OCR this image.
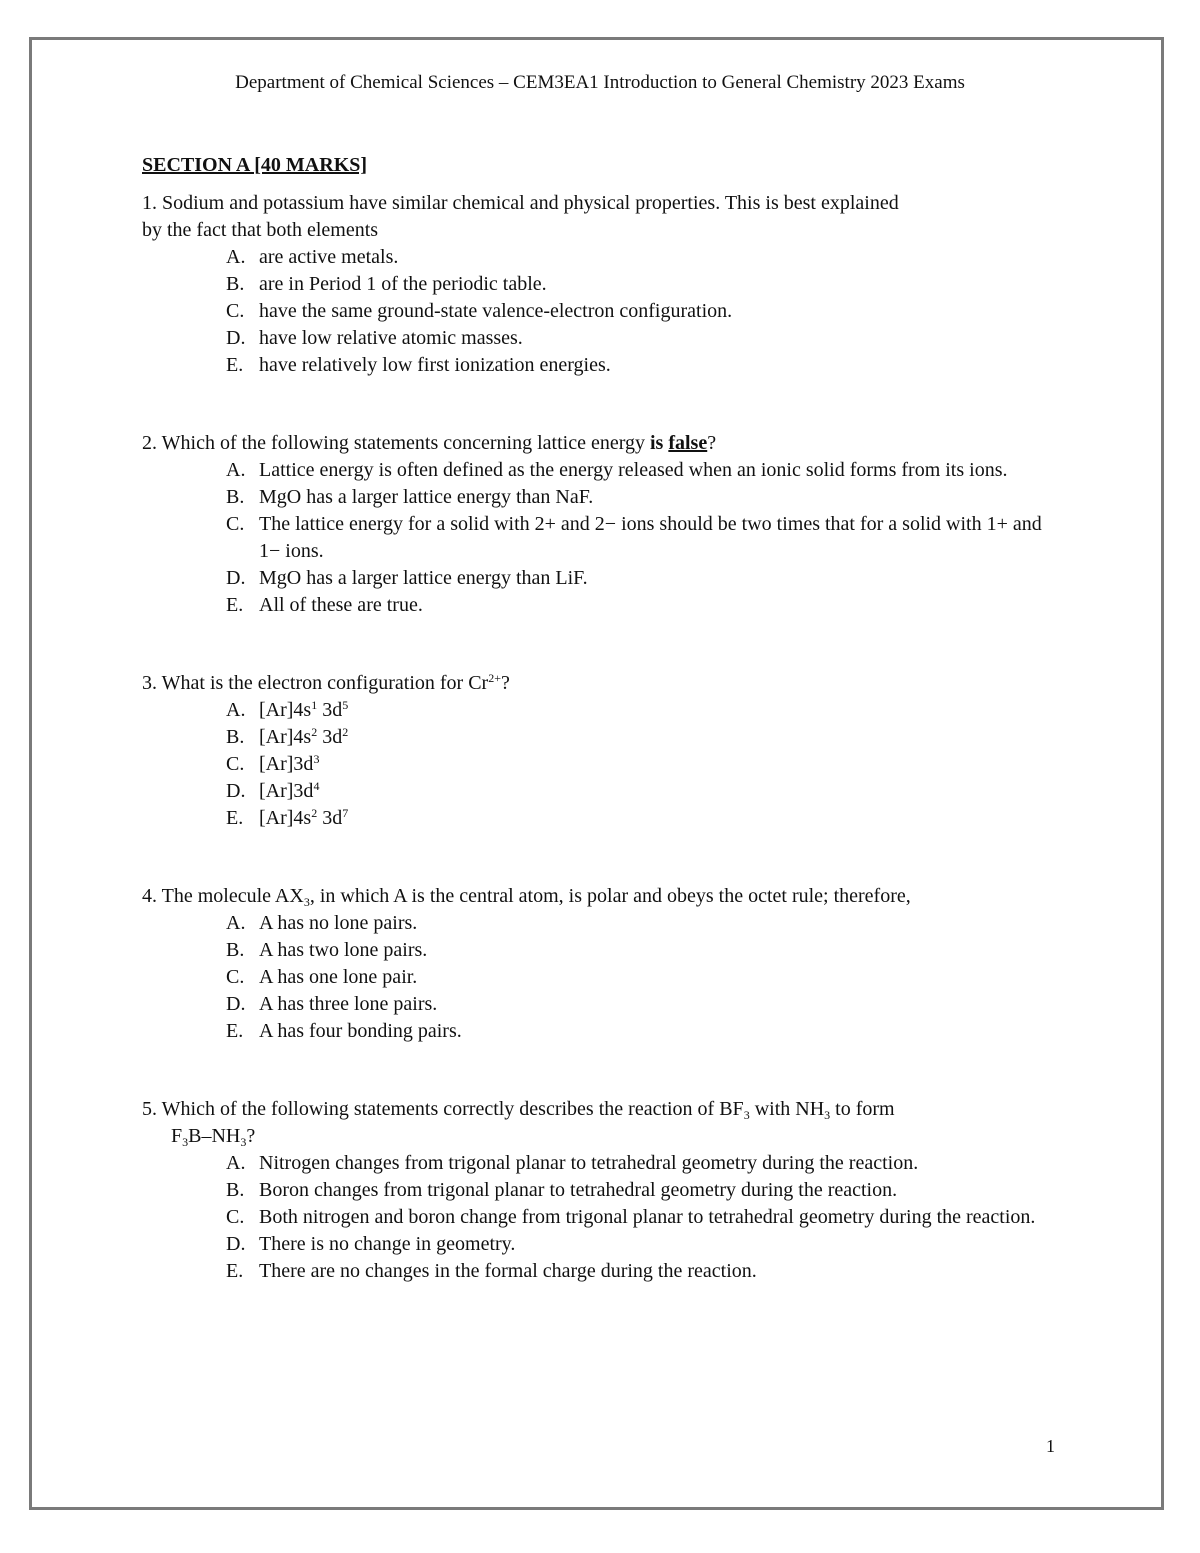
Department of Chemical Sciences – CEM3EA1 Introduction to General Chemistry 2023 Exams
SECTION A [40 MARKS]
1. Sodium and potassium have similar chemical and physical properties. This is best explained
by the fact that both elements
A. are active metals.
B. are in Period 1 of the periodic table.
C. have the same ground-state valence-electron configuration.
D. have low relative atomic masses.
E. have relatively low first ionization energies.
2. Which of the following statements concerning lattice energy is false?
A. Lattice energy is often defined as the energy released when an ionic solid forms from its ions.
B. MgO has a larger lattice energy than NaF.
C. The lattice energy for a solid with 2+ and 2− ions should be two times that for a solid with 1+ and 1− ions.
D. MgO has a larger lattice energy than LiF.
E. All of these are true.
3. What is the electron configuration for $Cr^{2+}$?
A. $[Ar]4s^1$ $3d^5$
B. $[Ar]4s^2$ $3d^2$
C. $[Ar]3d^3$
D. $[Ar]3d^4$
E. $[Ar]4s^2$ $3d^7$
4. The molecule $AX_3$, in which A is the central atom, is polar and obeys the octet rule; therefore,
A. A has no lone pairs.
B. A has two lone pairs.
C. A has one lone pair.
D. A has three lone pairs.
E. A has four bonding pairs.
5. Which of the following statements correctly describes the reaction of $BF_3$ with $NH_3$ to form
$F_3B-NH_3$?
A. Nitrogen changes from trigonal planar to tetrahedral geometry during the reaction.
B. Boron changes from trigonal planar to tetrahedral geometry during the reaction.
C. Both nitrogen and boron change from trigonal planar to tetrahedral geometry during the reaction.
D. There is no change in geometry.
E. There are no changes in the formal charge during the reaction.
1
